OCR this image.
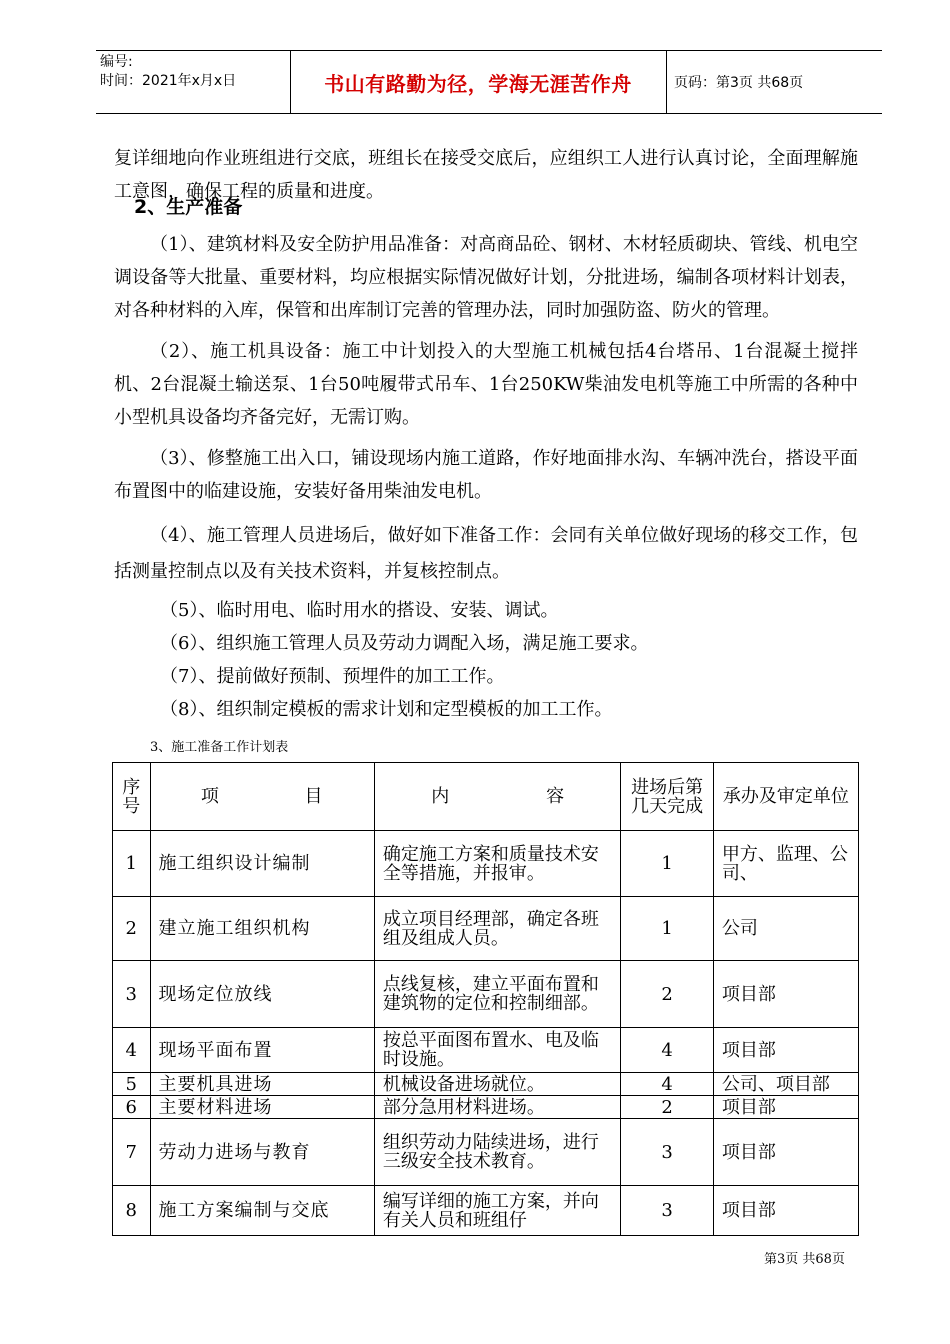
编号:
时间：2021年x月x日	书山有路勤为径，学海无涯苦作舟	页码：第3页 共68页

复详细地向作业班组进行交底，班组长在接受交底后，应组织工人进行认真讨论，全面理解施工意图，确保工程的质量和进度。

2、生产准备

（1）、建筑材料及安全防护用品准备：对高商品砼、钢材、木材轻质砌块、管线、机电空调设备等大批量、重要材料，均应根据实际情况做好计划，分批进场，编制各项材料计划表，对各种材料的入库，保管和出库制订完善的管理办法，同时加强防盗、防火的管理。

（2）、施工机具设备：施工中计划投入的大型施工机械包括4台塔吊、1台混凝土搅拌机、2台混凝土输送泵、1台50吨履带式吊车、1台250KW柴油发电机等施工中所需的各种中小型机具设备均齐备完好，无需订购。

（3）、修整施工出入口，铺设现场内施工道路，作好地面排水沟、车辆冲洗台，搭设平面布置图中的临建设施，安装好备用柴油发电机。

（4）、施工管理人员进场后，做好如下准备工作：会同有关单位做好现场的移交工作，包括测量控制点以及有关技术资料，并复核控制点。

（5）、临时用电、临时用水的搭设、安装、调试。

（6）、组织施工管理人员及劳动力调配入场，满足施工要求。

（7）、提前做好预制、预埋件的加工工作。

（8）、组织制定模板的需求计划和定型模板的加工工作。

3、施工准备工作计划表
序号	项 目	内 容	进场后第几天完成	承办及审定单位
1	施工组织设计编制	确定施工方案和质量技术安全等措施，并报审。	1	甲方、监理、公司、
2	建立施工组织机构	成立项目经理部，确定各班组及组成人员。	1	公司
3	现场定位放线	点线复核，建立平面布置和建筑物的定位和控制细部。	2	项目部
4	现场平面布置	按总平面图布置水、电及临时设施。	4	项目部
5	主要机具进场	机械设备进场就位。	4	公司、项目部
6	主要材料进场	部分急用材料进场。	2	项目部
7	劳动力进场与教育	组织劳动力陆续进场，进行三级安全技术教育。	3	项目部
8	施工方案编制与交底	编写详细的施工方案，并向有关人员和班组仔	3	项目部
第3页 共68页
